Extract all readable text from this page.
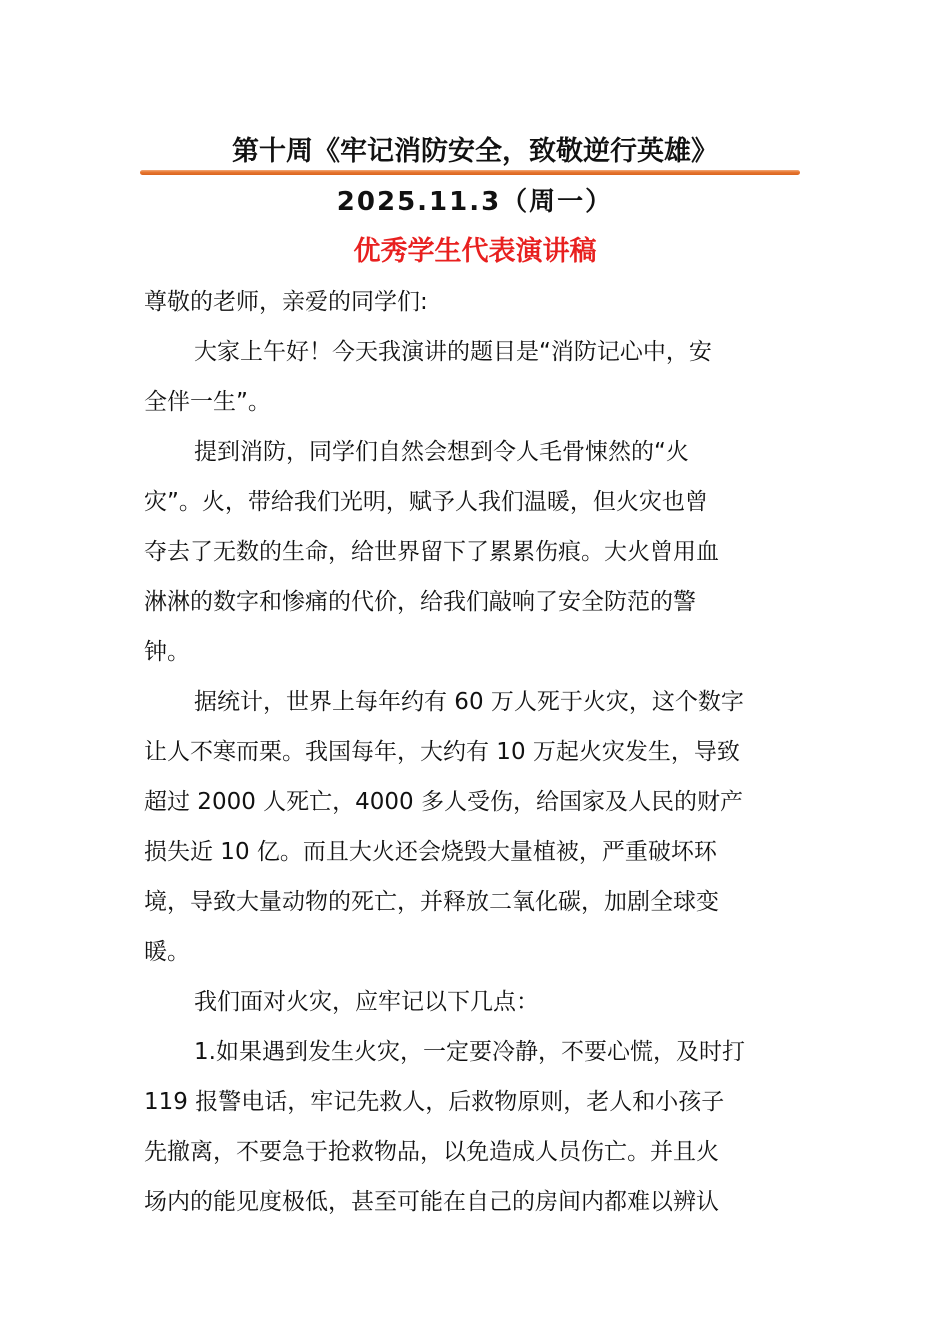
第十周《牢记消防安全，致敬逆行英雄》
2025.11.3（周一）
优秀学生代表演讲稿
尊敬的老师，亲爱的同学们:
大家上午好！今天我演讲的题目是“消防记心中，安
全伴一生”。
提到消防，同学们自然会想到令人毛骨悚然的“火
灾”。火，带给我们光明，赋予人我们温暖，但火灾也曾
夺去了无数的生命，给世界留下了累累伤痕。大火曾用血
淋淋的数字和惨痛的代价，给我们敲响了安全防范的警
钟。
据统计，世界上每年约有 60 万人死于火灾，这个数字
让人不寒而栗。我国每年，大约有 10 万起火灾发生，导致
超过 2000 人死亡，4000 多人受伤，给国家及人民的财产
损失近 10 亿。而且大火还会烧毁大量植被，严重破坏环
境，导致大量动物的死亡，并释放二氧化碳，加剧全球变
暖。
我们面对火灾，应牢记以下几点：
1.如果遇到发生火灾，一定要冷静，不要心慌，及时打
119 报警电话，牢记先救人，后救物原则，老人和小孩子
先撤离，不要急于抢救物品，以免造成人员伤亡。并且火
场内的能见度极低，甚至可能在自己的房间内都难以辨认
